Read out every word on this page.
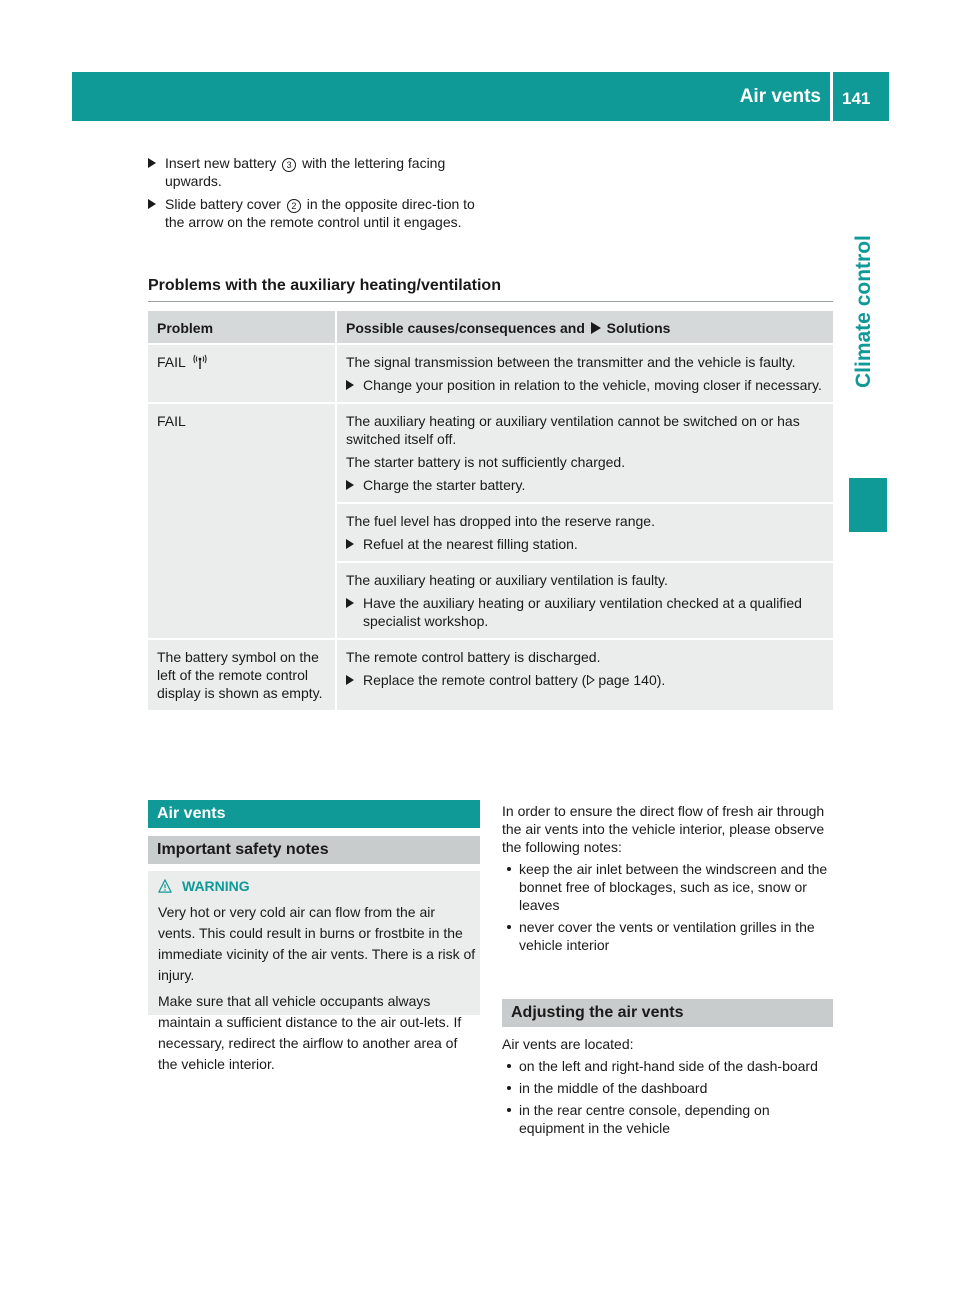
Air vents 141
Climate control
Insert new battery 3 with the lettering facing upwards.
Slide battery cover 2 in the opposite direc-tion to the arrow on the remote control until it engages.
Problems with the auxiliary heating/ventilation
Problem	Possible causes/consequences and Solutions
FAIL	The signal transmission between the transmitter and the vehicle is faulty.

Change your position in relation to the vehicle, moving closer if necessary.

FAIL	The auxiliary heating or auxiliary ventilation cannot be switched on or has switched itself off.

The starter battery is not sufficiently charged.

Charge the starter battery.

	The fuel level has dropped into the reserve range.

Refuel at the nearest filling station.

	The auxiliary heating or auxiliary ventilation is faulty.

Have the auxiliary heating or auxiliary ventilation checked at a qualified specialist workshop.

The battery symbol on the left of the remote control display is shown as empty.	The remote control battery is discharged.

Replace the remote control battery ( page 140).
Air vents
Important safety notes
WARNING

Very hot or very cold air can flow from the air vents. This could result in burns or frostbite in the immediate vicinity of the air vents. There is a risk of injury.

Make sure that all vehicle occupants always maintain a sufficient distance to the air out-lets. If necessary, redirect the airflow to another area of the vehicle interior.

In order to ensure the direct flow of fresh air through the air vents into the vehicle interior, please observe the following notes:

keep the air inlet between the windscreen and the bonnet free of blockages, such as ice, snow or leaves
never cover the vents or ventilation grilles in the vehicle interior
Adjusting the air vents

Air vents are located:

on the left and right-hand side of the dash-board
in the middle of the dashboard
in the rear centre console, depending on equipment in the vehicle
